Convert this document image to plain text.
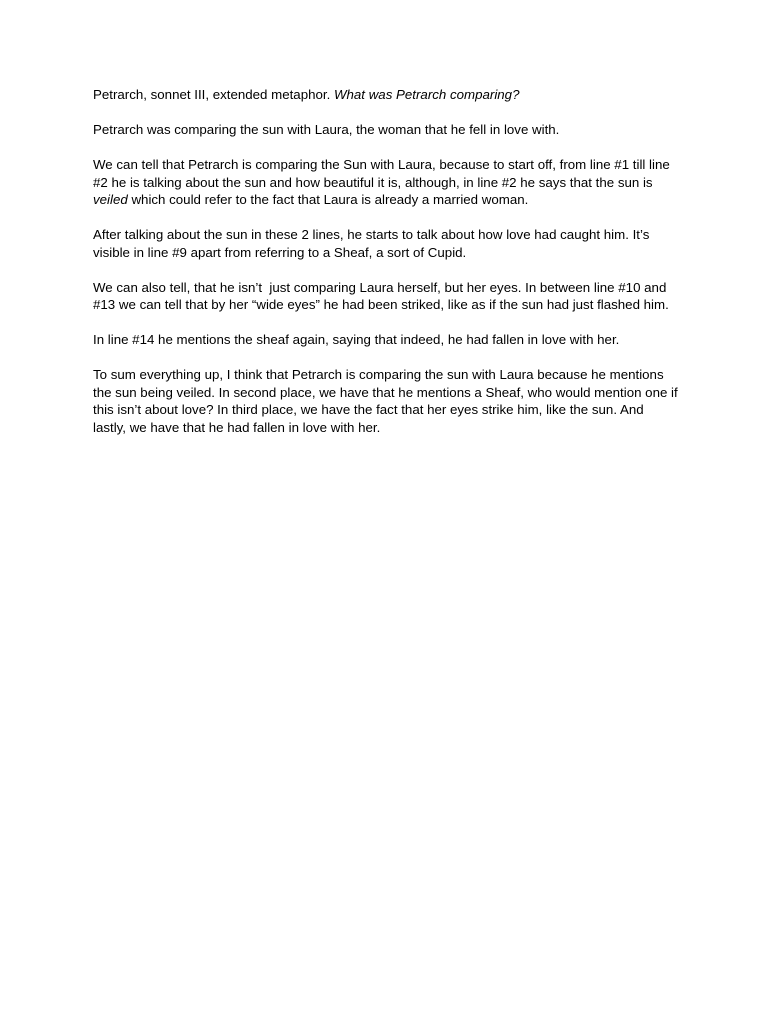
Petrarch, sonnet III, extended metaphor. What was Petrarch comparing?

Petrarch was comparing the sun with Laura, the woman that he fell in love with.

We can tell that Petrarch is comparing the Sun with Laura, because to start off, from line #1 till line #2 he is talking about the sun and how beautiful it is, although, in line #2 he says that the sun is veiled which could refer to the fact that Laura is already a married woman.

After talking about the sun in these 2 lines, he starts to talk about how love had caught him. It’s visible in line #9 apart from referring to a Sheaf, a sort of Cupid.

We can also tell, that he isn’t  just comparing Laura herself, but her eyes. In between line #10 and #13 we can tell that by her “wide eyes” he had been striked, like as if the sun had just flashed him.

In line #14 he mentions the sheaf again, saying that indeed, he had fallen in love with her.

To sum everything up, I think that Petrarch is comparing the sun with Laura because he mentions the sun being veiled. In second place, we have that he mentions a Sheaf, who would mention one if this isn’t about love? In third place, we have the fact that her eyes strike him, like the sun. And lastly, we have that he had fallen in love with her.
